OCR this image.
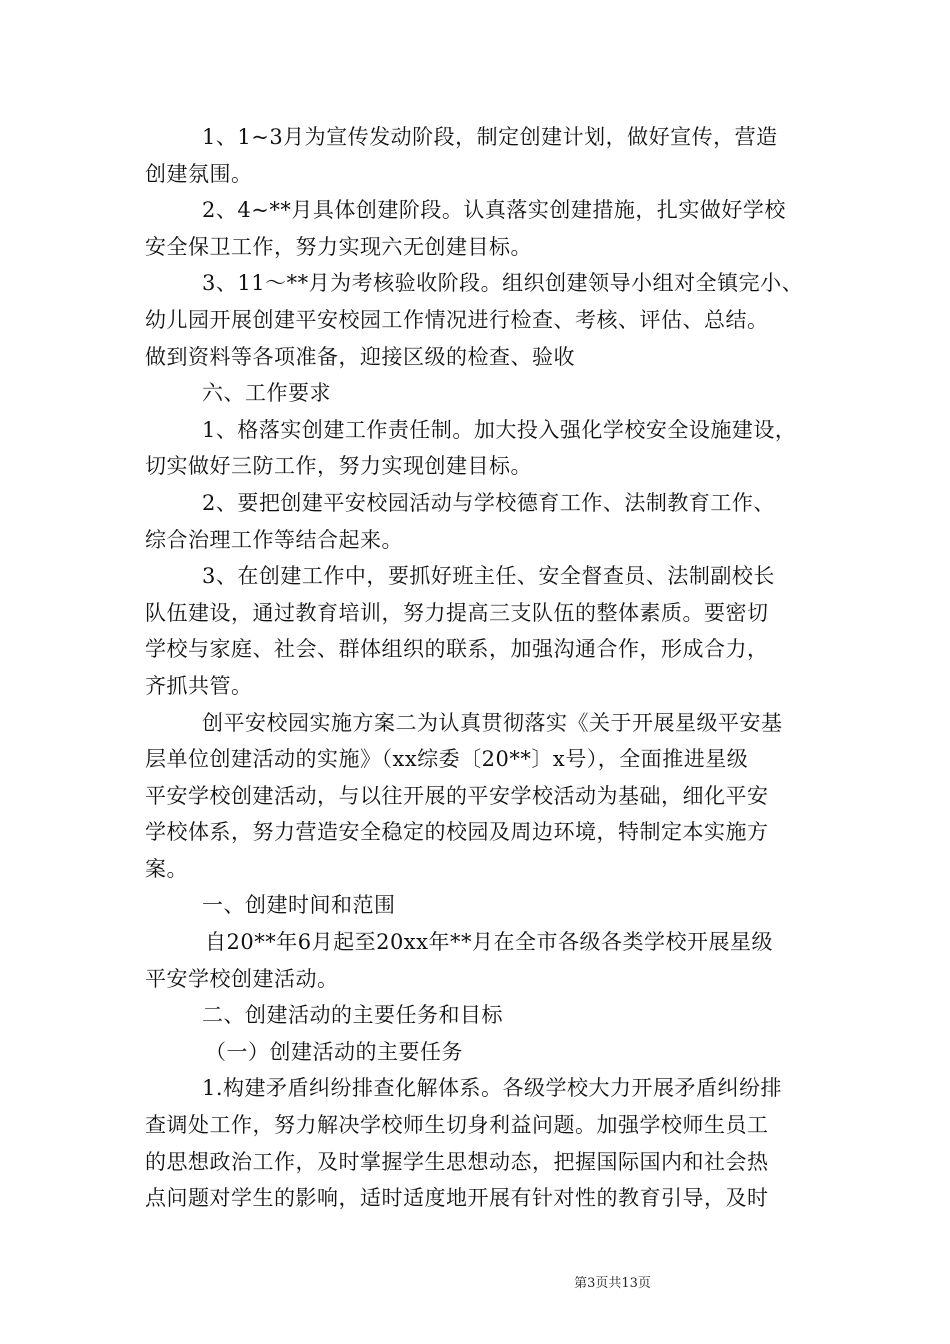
1、1~3月为宣传发动阶段，制定创建计划，做好宣传，营造
创建氛围。
2、4~**月具体创建阶段。认真落实创建措施，扎实做好学校
安全保卫工作，努力实现六无创建目标。
3、11～**月为考核验收阶段。组织创建领导小组对全镇完小、
幼儿园开展创建平安校园工作情况进行检查、考核、评估、总结。
做到资料等各项准备，迎接区级的检查、验收
六、工作要求
1、格落实创建工作责任制。加大投入强化学校安全设施建设，
切实做好三防工作，努力实现创建目标。
2、要把创建平安校园活动与学校德育工作、法制教育工作、
综合治理工作等结合起来。
3、在创建工作中，要抓好班主任、安全督查员、法制副校长
队伍建设，通过教育培训，努力提高三支队伍的整体素质。要密切
学校与家庭、社会、群体组织的联系，加强沟通合作，形成合力，
齐抓共管。
创平安校园实施方案二为认真贯彻落实《关于开展星级平安基
层单位创建活动的实施》（xx综委〔20**〕x号），全面推进星级
平安学校创建活动，与以往开展的平安学校活动为基础，细化平安
学校体系，努力营造安全稳定的校园及周边环境，特制定本实施方
案。
一、创建时间和范围
自20**年6月起至20xx年**月在全市各级各类学校开展星级
平安学校创建活动。
二、创建活动的主要任务和目标
（一）创建活动的主要任务
1.构建矛盾纠纷排查化解体系。各级学校大力开展矛盾纠纷排
查调处工作，努力解决学校师生切身利益问题。加强学校师生员工
的思想政治工作，及时掌握学生思想动态，把握国际国内和社会热
点问题对学生的影响，适时适度地开展有针对性的教育引导，及时
第3页共13页
